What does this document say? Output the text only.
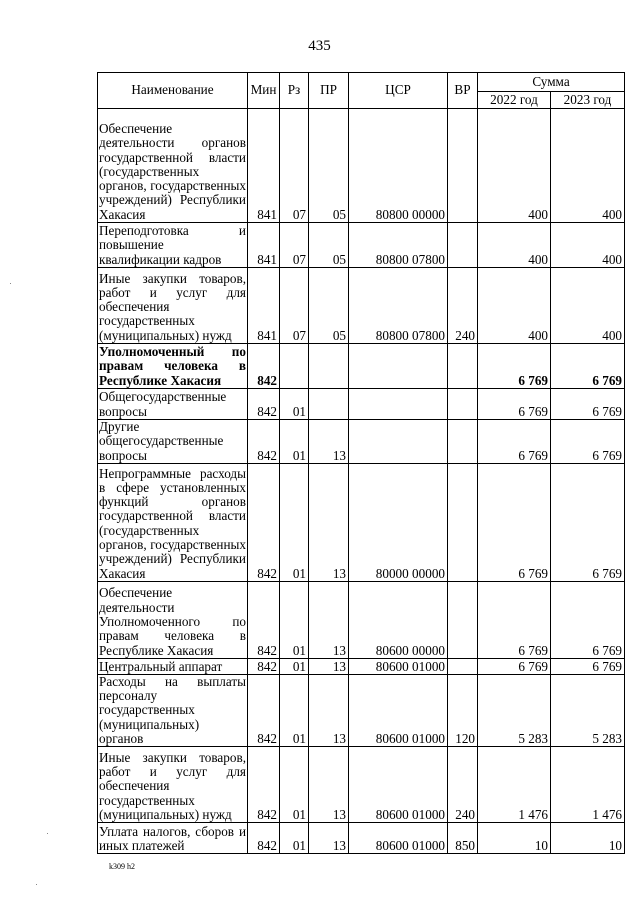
435
Наименование	Мин	Рз	ПР	ЦСР	ВР	Сумма	
						2022 год	2023 год
Обеспечение деятельности органов государственной власти (государственных органов, государственных учреждений) Республики Хакасия	841	07	05	80800 00000		400	400
Переподготовка и повышение квалификации кадров	841	07	05	80800 07800		400	400
Иные закупки товаров, работ и услуг для обеспечения государственных (муниципальных) нужд	841	07	05	80800 07800	240	400	400
Уполномоченный по правам человека в Республике Хакасия	842					6 769	6 769
Общегосударственные вопросы	842	01				6 769	6 769
Другие общегосударственные вопросы	842	01	13			6 769	6 769
Непрограммные расходы в сфере установленных функций органов государственной власти (государственных органов, государственных учреждений) Республики Хакасия	842	01	13	80000 00000		6 769	6 769
Обеспечение деятельности Уполномоченного по правам человека в Республике Хакасия	842	01	13	80600 00000		6 769	6 769
Центральный аппарат	842	01	13	80600 01000		6 769	6 769
Расходы на выплаты персоналу государственных (муниципальных) органов	842	01	13	80600 01000	120	5 283	5 283
Иные закупки товаров, работ и услуг для обеспечения государственных (муниципальных) нужд	842	01	13	80600 01000	240	1 476	1 476
Уплата налогов, сборов и иных платежей	842	01	13	80600 01000	850	10	10
k309 h2
